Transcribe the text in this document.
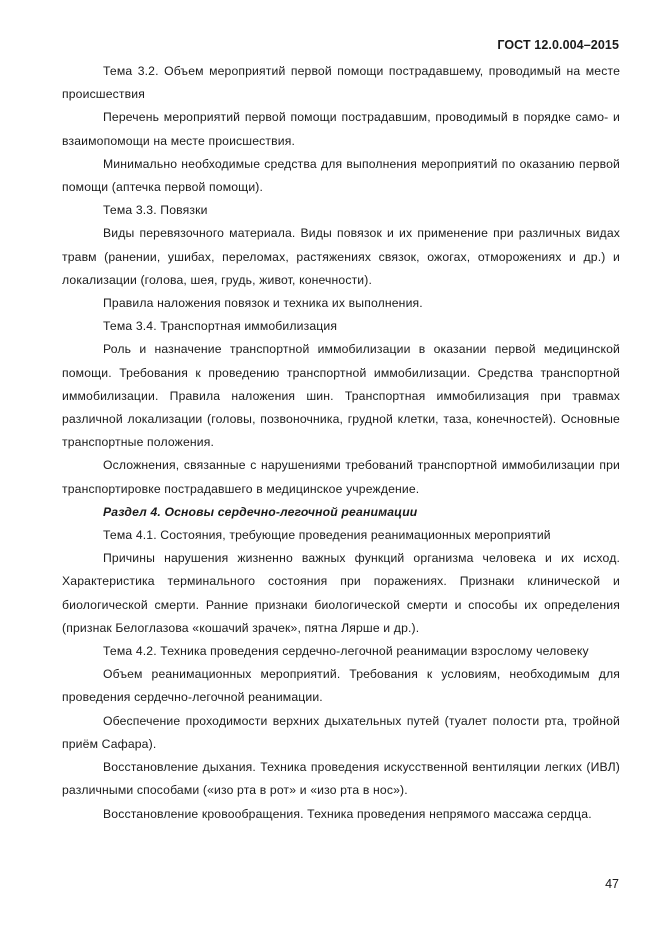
ГОСТ 12.0.004–2015

Тема 3.2. Объем мероприятий первой помощи пострадавшему, проводимый на месте происшествия

Перечень мероприятий первой помощи пострадавшим, проводимый в порядке само- и взаимопомощи на месте происшествия.

Минимально необходимые средства для выполнения мероприятий по оказанию первой помощи (аптечка первой помощи).

Тема 3.3. Повязки

Виды перевязочного материала. Виды повязок и их применение при различных видах травм (ранении, ушибах, переломах, растяжениях связок, ожогах, отморожениях и др.) и локализации (голова, шея, грудь, живот, конечности).

Правила наложения повязок и техника их выполнения.

Тема 3.4. Транспортная иммобилизация

Роль и назначение транспортной иммобилизации в оказании первой медицинской помощи. Требования к проведению транспортной иммобилизации. Средства транспортной иммобилизации. Правила наложения шин. Транспортная иммобилизация при травмах различной локализации (головы, позвоночника, грудной клетки, таза, конечностей). Основные транспортные положения.

Осложнения, связанные с нарушениями требований транспортной иммобилизации при транспортировке пострадавшего в медицинское учреждение.

Раздел 4. Основы сердечно-легочной реанимации

Тема 4.1. Состояния, требующие проведения реанимационных мероприятий

Причины нарушения жизненно важных функций организма человека и их исход. Характеристика терминального состояния при поражениях. Признаки клинической и биологической смерти. Ранние признаки биологической смерти и способы их определения (признак Белоглазова «кошачий зрачек», пятна Лярше и др.).

Тема 4.2. Техника проведения сердечно-легочной реанимации взрослому человеку

Объем реанимационных мероприятий. Требования к условиям, необходимым для проведения сердечно-легочной реанимации.

Обеспечение проходимости верхних дыхательных путей (туалет полости рта, тройной приём Сафара).

Восстановление дыхания. Техника проведения искусственной вентиляции легких (ИВЛ) различными способами («изо рта в рот» и «изо рта в нос»).

Восстановление кровообращения. Техника проведения непрямого массажа сердца.

47
